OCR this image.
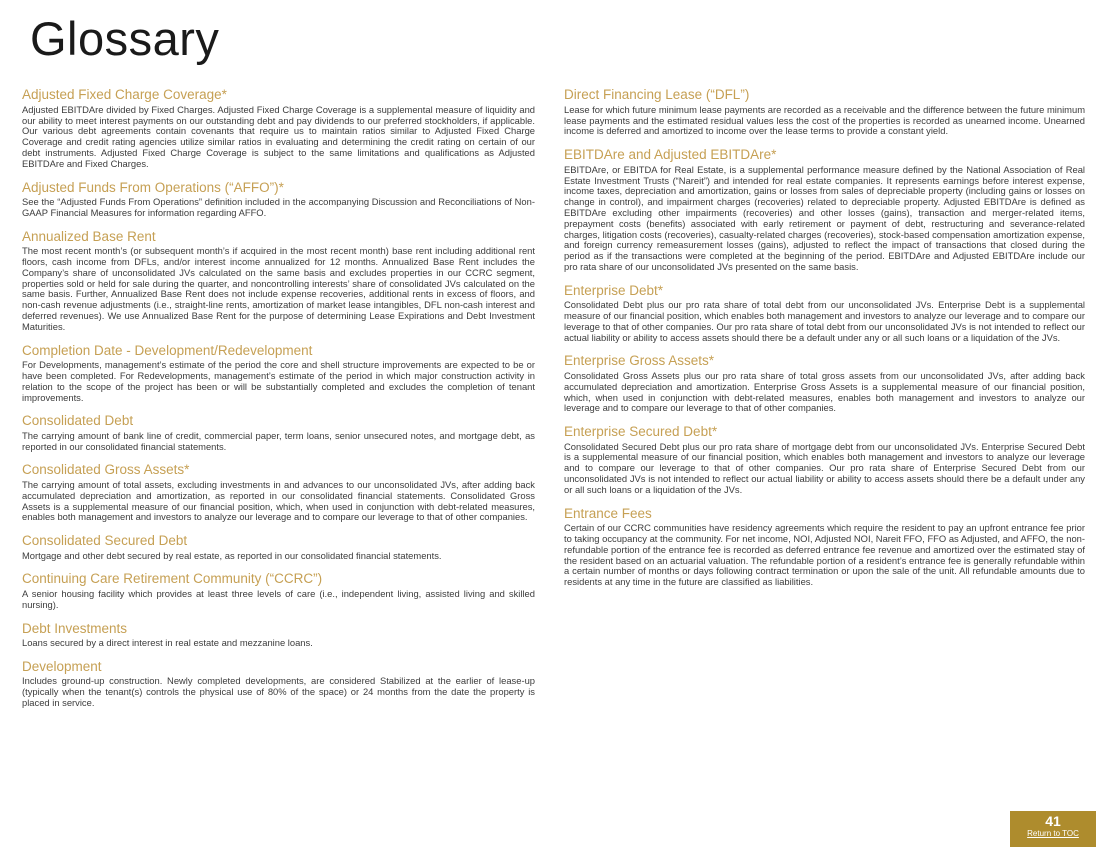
Glossary
Adjusted Fixed Charge Coverage*

Adjusted EBITDAre divided by Fixed Charges. Adjusted Fixed Charge Coverage is a supplemental measure of liquidity and our ability to meet interest payments on our outstanding debt and pay dividends to our preferred stockholders, if applicable. Our various debt agreements contain covenants that require us to maintain ratios similar to Adjusted Fixed Charge Coverage and credit rating agencies utilize similar ratios in evaluating and determining the credit rating on certain of our debt instruments. Adjusted Fixed Charge Coverage is subject to the same limitations and qualifications as Adjusted EBITDAre and Fixed Charges.

Adjusted Funds From Operations (“AFFO”)*

See the “Adjusted Funds From Operations” definition included in the accompanying Discussion and Reconciliations of Non-GAAP Financial Measures for information regarding AFFO.

Annualized Base Rent

The most recent month’s (or subsequent month’s if acquired in the most recent month) base rent including additional rent floors, cash income from DFLs, and/or interest income annualized for 12 months. Annualized Base Rent includes the Company’s share of unconsolidated JVs calculated on the same basis and excludes properties in our CCRC segment, properties sold or held for sale during the quarter, and noncontrolling interests’ share of consolidated JVs calculated on the same basis. Further, Annualized Base Rent does not include expense recoveries, additional rents in excess of floors, and non-cash revenue adjustments (i.e., straight-line rents, amortization of market lease intangibles, DFL non-cash interest and deferred revenues). We use Annualized Base Rent for the purpose of determining Lease Expirations and Debt Investment Maturities.

Completion Date - Development/Redevelopment

For Developments, management’s estimate of the period the core and shell structure improvements are expected to be or have been completed. For Redevelopments, management’s estimate of the period in which major construction activity in relation to the scope of the project has been or will be substantially completed and excludes the completion of tenant improvements.

Consolidated Debt

The carrying amount of bank line of credit, commercial paper, term loans, senior unsecured notes, and mortgage debt, as reported in our consolidated financial statements.

Consolidated Gross Assets*

The carrying amount of total assets, excluding investments in and advances to our unconsolidated JVs, after adding back accumulated depreciation and amortization, as reported in our consolidated financial statements. Consolidated Gross Assets is a supplemental measure of our financial position, which, when used in conjunction with debt-related measures, enables both management and investors to analyze our leverage and to compare our leverage to that of other companies.

Consolidated Secured Debt

Mortgage and other debt secured by real estate, as reported in our consolidated financial statements.

Continuing Care Retirement Community (“CCRC”)

A senior housing facility which provides at least three levels of care (i.e., independent living, assisted living and skilled nursing).

Debt Investments

Loans secured by a direct interest in real estate and mezzanine loans.

Development

Includes ground-up construction. Newly completed developments, are considered Stabilized at the earlier of lease-up (typically when the tenant(s) controls the physical use of 80% of the space) or 24 months from the date the property is placed in service.

Direct Financing Lease (“DFL”)

Lease for which future minimum lease payments are recorded as a receivable and the difference between the future minimum lease payments and the estimated residual values less the cost of the properties is recorded as unearned income. Unearned income is deferred and amortized to income over the lease terms to provide a constant yield.

EBITDAre and Adjusted EBITDAre*

EBITDAre, or EBITDA for Real Estate, is a supplemental performance measure defined by the National Association of Real Estate Investment Trusts (“Nareit”) and intended for real estate companies. It represents earnings before interest expense, income taxes, depreciation and amortization, gains or losses from sales of depreciable property (including gains or losses on change in control), and impairment charges (recoveries) related to depreciable property. Adjusted EBITDAre is defined as EBITDAre excluding other impairments (recoveries) and other losses (gains), transaction and merger-related items, prepayment costs (benefits) associated with early retirement or payment of debt, restructuring and severance-related charges, litigation costs (recoveries), casualty-related charges (recoveries), stock-based compensation amortization expense, and foreign currency remeasurement losses (gains), adjusted to reflect the impact of transactions that closed during the period as if the transactions were completed at the beginning of the period. EBITDAre and Adjusted EBITDAre include our pro rata share of our unconsolidated JVs presented on the same basis.

Enterprise Debt*

Consolidated Debt plus our pro rata share of total debt from our unconsolidated JVs. Enterprise Debt is a supplemental measure of our financial position, which enables both management and investors to analyze our leverage and to compare our leverage to that of other companies. Our pro rata share of total debt from our unconsolidated JVs is not intended to reflect our actual liability or ability to access assets should there be a default under any or all such loans or a liquidation of the JVs.

Enterprise Gross Assets*

Consolidated Gross Assets plus our pro rata share of total gross assets from our unconsolidated JVs, after adding back accumulated depreciation and amortization. Enterprise Gross Assets is a supplemental measure of our financial position, which, when used in conjunction with debt-related measures, enables both management and investors to analyze our leverage and to compare our leverage to that of other companies.

Enterprise Secured Debt*

Consolidated Secured Debt plus our pro rata share of mortgage debt from our unconsolidated JVs. Enterprise Secured Debt is a supplemental measure of our financial position, which enables both management and investors to analyze our leverage and to compare our leverage to that of other companies. Our pro rata share of Enterprise Secured Debt from our unconsolidated JVs is not intended to reflect our actual liability or ability to access assets should there be a default under any or all such loans or a liquidation of the JVs.

Entrance Fees

Certain of our CCRC communities have residency agreements which require the resident to pay an upfront entrance fee prior to taking occupancy at the community. For net income, NOI, Adjusted NOI, Nareit FFO, FFO as Adjusted, and AFFO, the non-refundable portion of the entrance fee is recorded as deferred entrance fee revenue and amortized over the estimated stay of the resident based on an actuarial valuation. The refundable portion of a resident’s entrance fee is generally refundable within a certain number of months or days following contract termination or upon the sale of the unit. All refundable amounts due to residents at any time in the future are classified as liabilities.

41
Return to TOC
